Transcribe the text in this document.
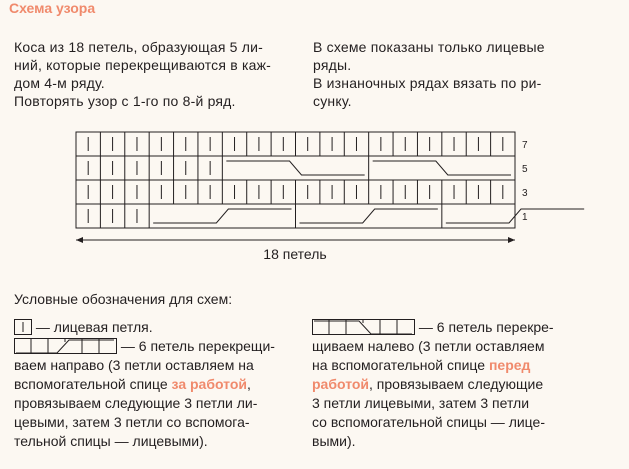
Схема узора

Коса из 18 петель, образующая 5 ли-

ний, которые перекрещиваются в каж-

дом 4-м ряду.

Повторять узор с 1-го по 8-й ряд.

В схеме показаны только лицевые

ряды.

В изнаночных рядах вязать по ри-

сунку.

7
5
3
1
18 петель
Условные обозначения для схем:
— лицевая петля.
— 6 петель перекрещи-
ваем направо (3 петли оставляем на
вспомогательной спице за работой,
провязываем следующие 3 петли ли-
цевыми, затем 3 петли со вспомога-
тельной спицы — лицевыми).
— 6 петель перекре-
щиваем налево (3 петли оставляем
на вспомогательной спице перед
работой, провязываем следующие
3 петли лицевыми, затем 3 петли
со вспомогательной спицы — лице-
выми).
